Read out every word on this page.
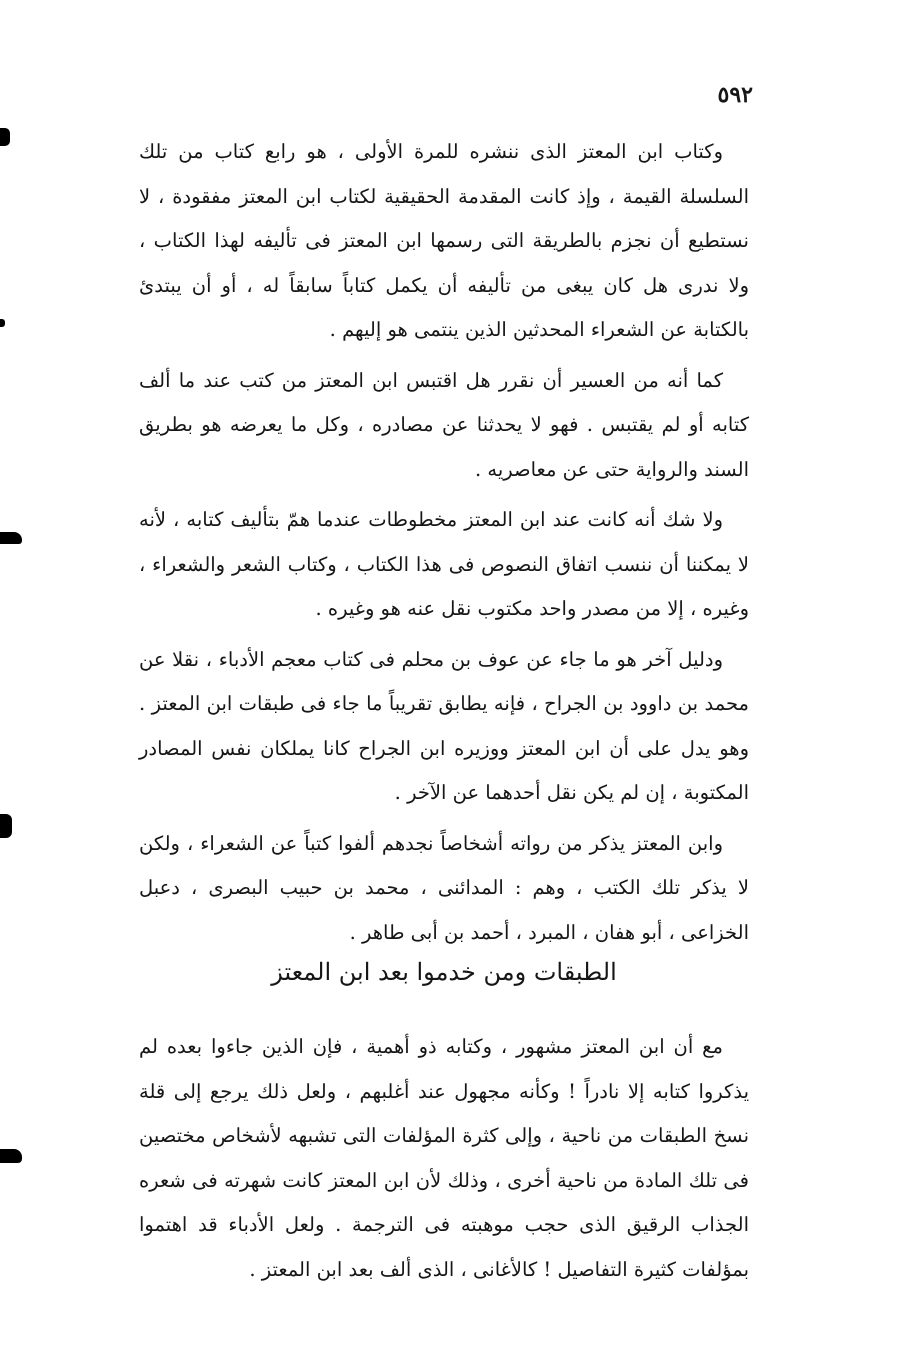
٥٩٢

وكتاب ابن المعتز الذى ننشره للمرة الأولى ، هو رابع كتاب من تلك السلسلة القيمة ، وإذ كانت المقدمة الحقيقية لكتاب ابن المعتز مفقودة ، لا نستطيع أن نجزم بالطريقة التى رسمها ابن المعتز فى تأليفه لهذا الكتاب ، ولا ندرى هل كان يبغى من تأليفه أن يكمل كتاباً سابقاً له ، أو أن يبتدئ بالكتابة عن الشعراء المحدثين الذين ينتمى هو إليهم .

كما أنه من العسير أن نقرر هل اقتبس ابن المعتز من كتب عند ما ألف كتابه أو لم يقتبس . فهو لا يحدثنا عن مصادره ، وكل ما يعرضه هو بطريق السند والرواية حتى عن معاصريه .

ولا شك أنه كانت عند ابن المعتز مخطوطات عندما همّ بتأليف كتابه ، لأنه لا يمكننا أن ننسب اتفاق النصوص فى هذا الكتاب ، وكتاب الشعر والشعراء ، وغيره ، إلا من مصدر واحد مكتوب نقل عنه هو وغيره .

ودليل آخر هو ما جاء عن عوف بن محلم فى كتاب معجم الأدباء ، نقلا عن محمد بن داوود بن الجراح ، فإنه يطابق تقريباً ما جاء فى طبقات ابن المعتز . وهو يدل على أن ابن المعتز ووزيره ابن الجراح كانا يملكان نفس المصادر المكتوبة ، إن لم يكن نقل أحدهما عن الآخر .

وابن المعتز يذكر من رواته أشخاصاً نجدهم ألفوا كتباً عن الشعراء ، ولكن لا يذكر تلك الكتب ، وهم : المدائنى ، محمد بن حبيب البصرى ، دعبل الخزاعى ، أبو هفان ، المبرد ، أحمد بن أبى طاهر .

الطبقات ومن خدموا بعد ابن المعتز

مع أن ابن المعتز مشهور ، وكتابه ذو أهمية ، فإن الذين جاءوا بعده لم يذكروا كتابه إلا نادراً ! وكأنه مجهول عند أغلبهم ، ولعل ذلك يرجع إلى قلة نسخ الطبقات من ناحية ، وإلى كثرة المؤلفات التى تشبهه لأشخاص مختصين فى تلك المادة من ناحية أخرى ، وذلك لأن ابن المعتز كانت شهرته فى شعره الجذاب الرقيق الذى حجب موهبته فى الترجمة . ولعل الأدباء قد اهتموا بمؤلفات كثيرة التفاصيل ! كالأغانى ، الذى ألف بعد ابن المعتز .
